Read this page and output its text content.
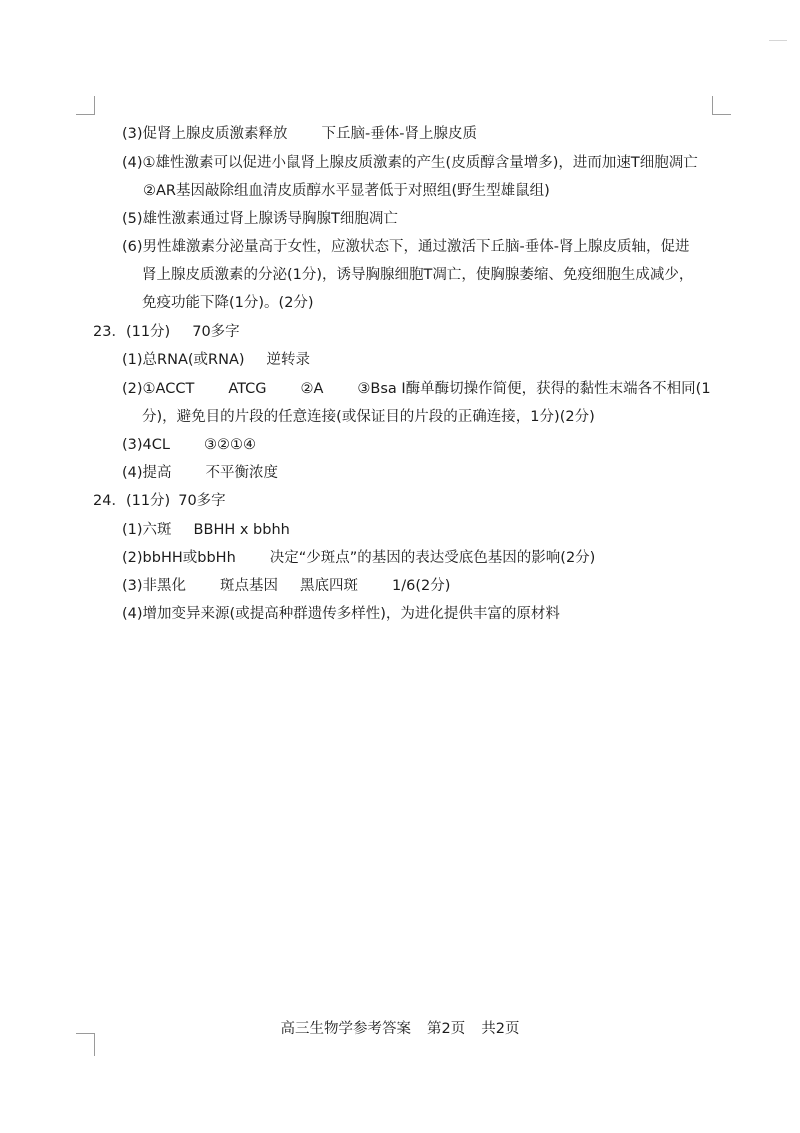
(3)促肾上腺皮质激素释放 下丘脑-垂体-肾上腺皮质
(4)①雄性激素可以促进小鼠肾上腺皮质激素的产生(皮质醇含量增多)，进而加速T细胞凋亡
②AR基因敲除组血清皮质醇水平显著低于对照组(野生型雄鼠组)
(5)雄性激素通过肾上腺诱导胸腺T细胞凋亡
(6)男性雄激素分泌量高于女性，应激状态下，通过激活下丘脑-垂体-肾上腺皮质轴，促进
肾上腺皮质激素的分泌(1分)，诱导胸腺细胞T凋亡，使胸腺萎缩、免疫细胞生成减少，
免疫功能下降(1分)。(2分)
23．(11分) 70多字
(1)总RNA(或RNA) 逆转录
(2)①ACCT ATCG ②A ③Bsa Ⅰ酶单酶切操作简便，获得的黏性末端各不相同(1
分)，避免目的片段的任意连接(或保证目的片段的正确连接，1分)(2分)
(3)4CL ③②①④
(4)提高 不平衡浓度
24．(11分) 70多字
(1)六斑 BBHH x bbhh
(2)bbHH或bbHh 决定“少斑点”的基因的表达受底色基因的影响(2分)
(3)非黑化 斑点基因 黑底四斑 1/6(2分)
(4)增加变异来源(或提高种群遗传多样性)，为进化提供丰富的原材料
高三生物学参考答案 第2页 共2页
